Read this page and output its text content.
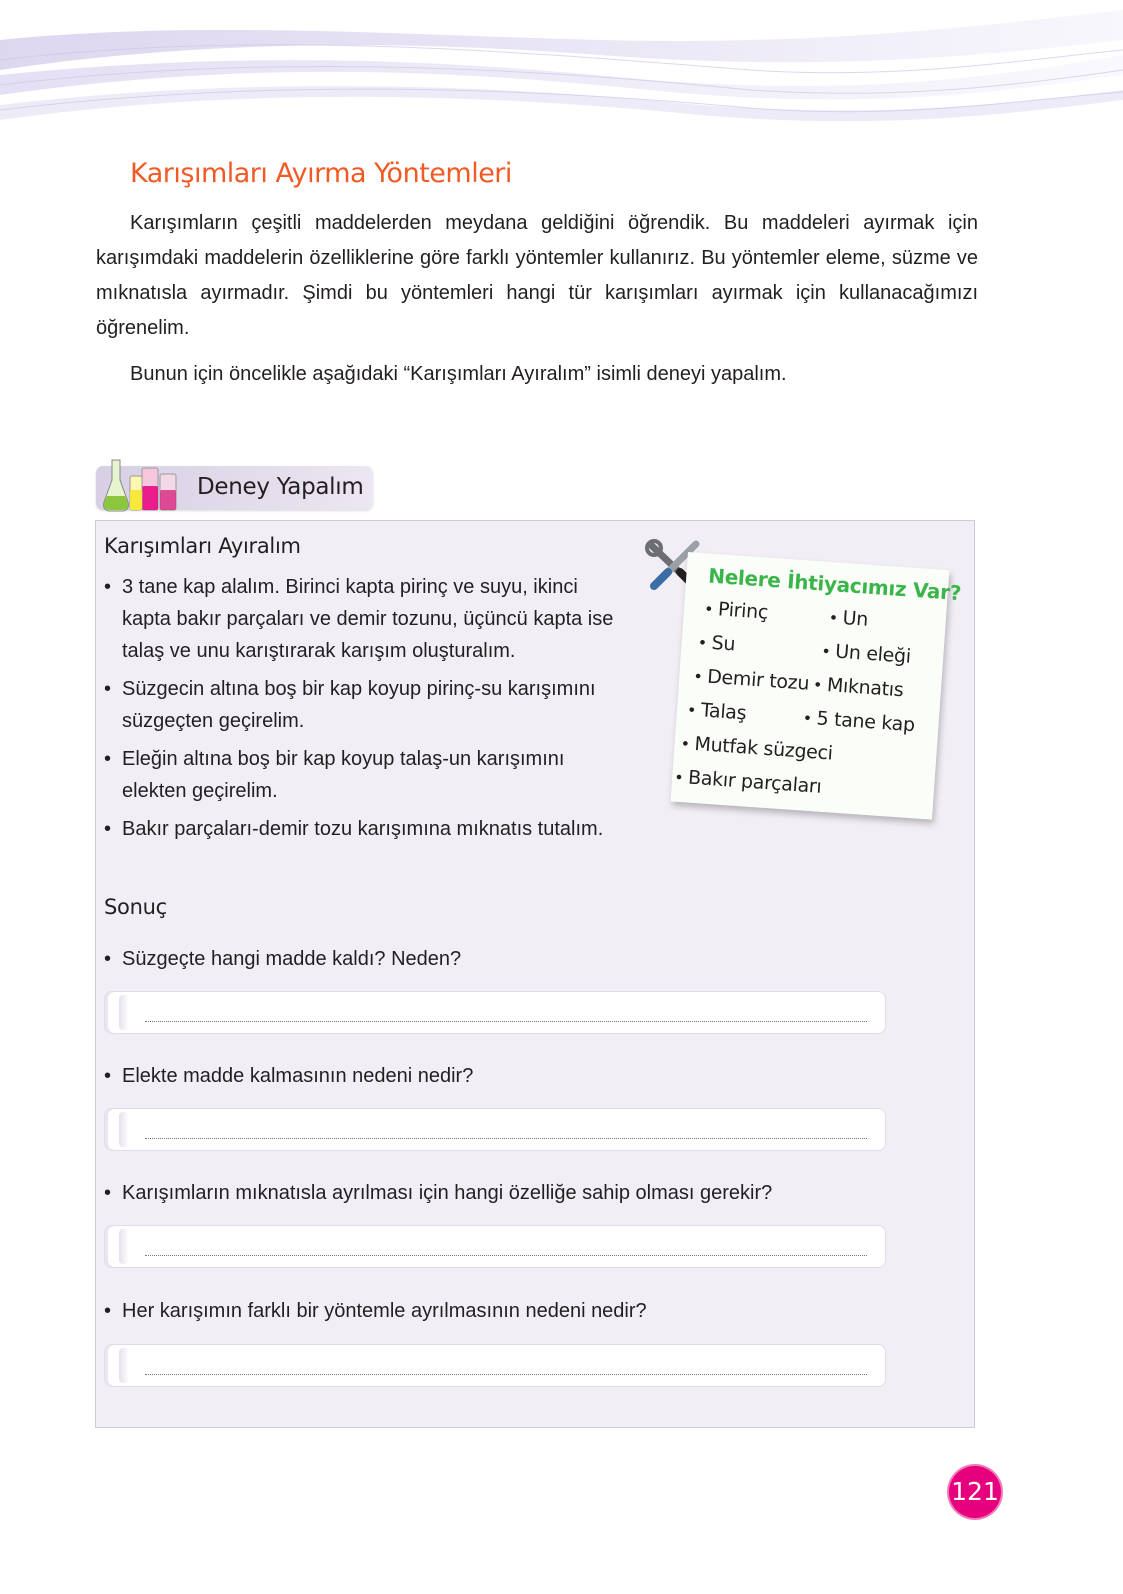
Karışımları Ayırma Yöntemleri

Karışımların çeşitli maddelerden meydana geldiğini öğrendik. Bu maddeleri ayırmak için karışımdaki maddelerin özelliklerine göre farklı yöntemler kullanırız. Bu yöntemler eleme, süzme ve mıknatısla ayırmadır. Şimdi bu yöntemleri hangi tür karışımları ayırmak için kullanacağımızı öğrenelim.

Bunun için öncelikle aşağıdaki “Karışımları Ayıralım” isimli deneyi yapalım.

Deney Yapalım
Karışımları Ayıralım
• 3 tane kap alalım. Birinci kapta pirinç ve suyu, ikinci kapta bakır parçaları ve demir tozunu, üçüncü kapta ise talaş ve unu karıştırarak karışım oluşturalım.
• Süzgecin altına boş bir kap koyup pirinç-su karışımını süzgeçten geçirelim.
• Eleğin altına boş bir kap koyup talaş-un karışımını elekten geçirelim.
• Bakır parçaları-demir tozu karışımına mıknatıs tutalım.
Nelere İhtiyacımız Var?
• Pirinç	• Un
• Su	• Un eleği
• Demir tozu • Mıknatıs
• Talaş	• 5 tane kap
• Mutfak süzgeci
• Bakır parçaları
Sonuç
• Süzgeçte hangi madde kaldı? Neden?
• Elekte madde kalmasının nedeni nedir?
• Karışımların mıknatısla ayrılması için hangi özelliğe sahip olması gerekir?
• Her karışımın farklı bir yöntemle ayrılmasının nedeni nedir?
121
